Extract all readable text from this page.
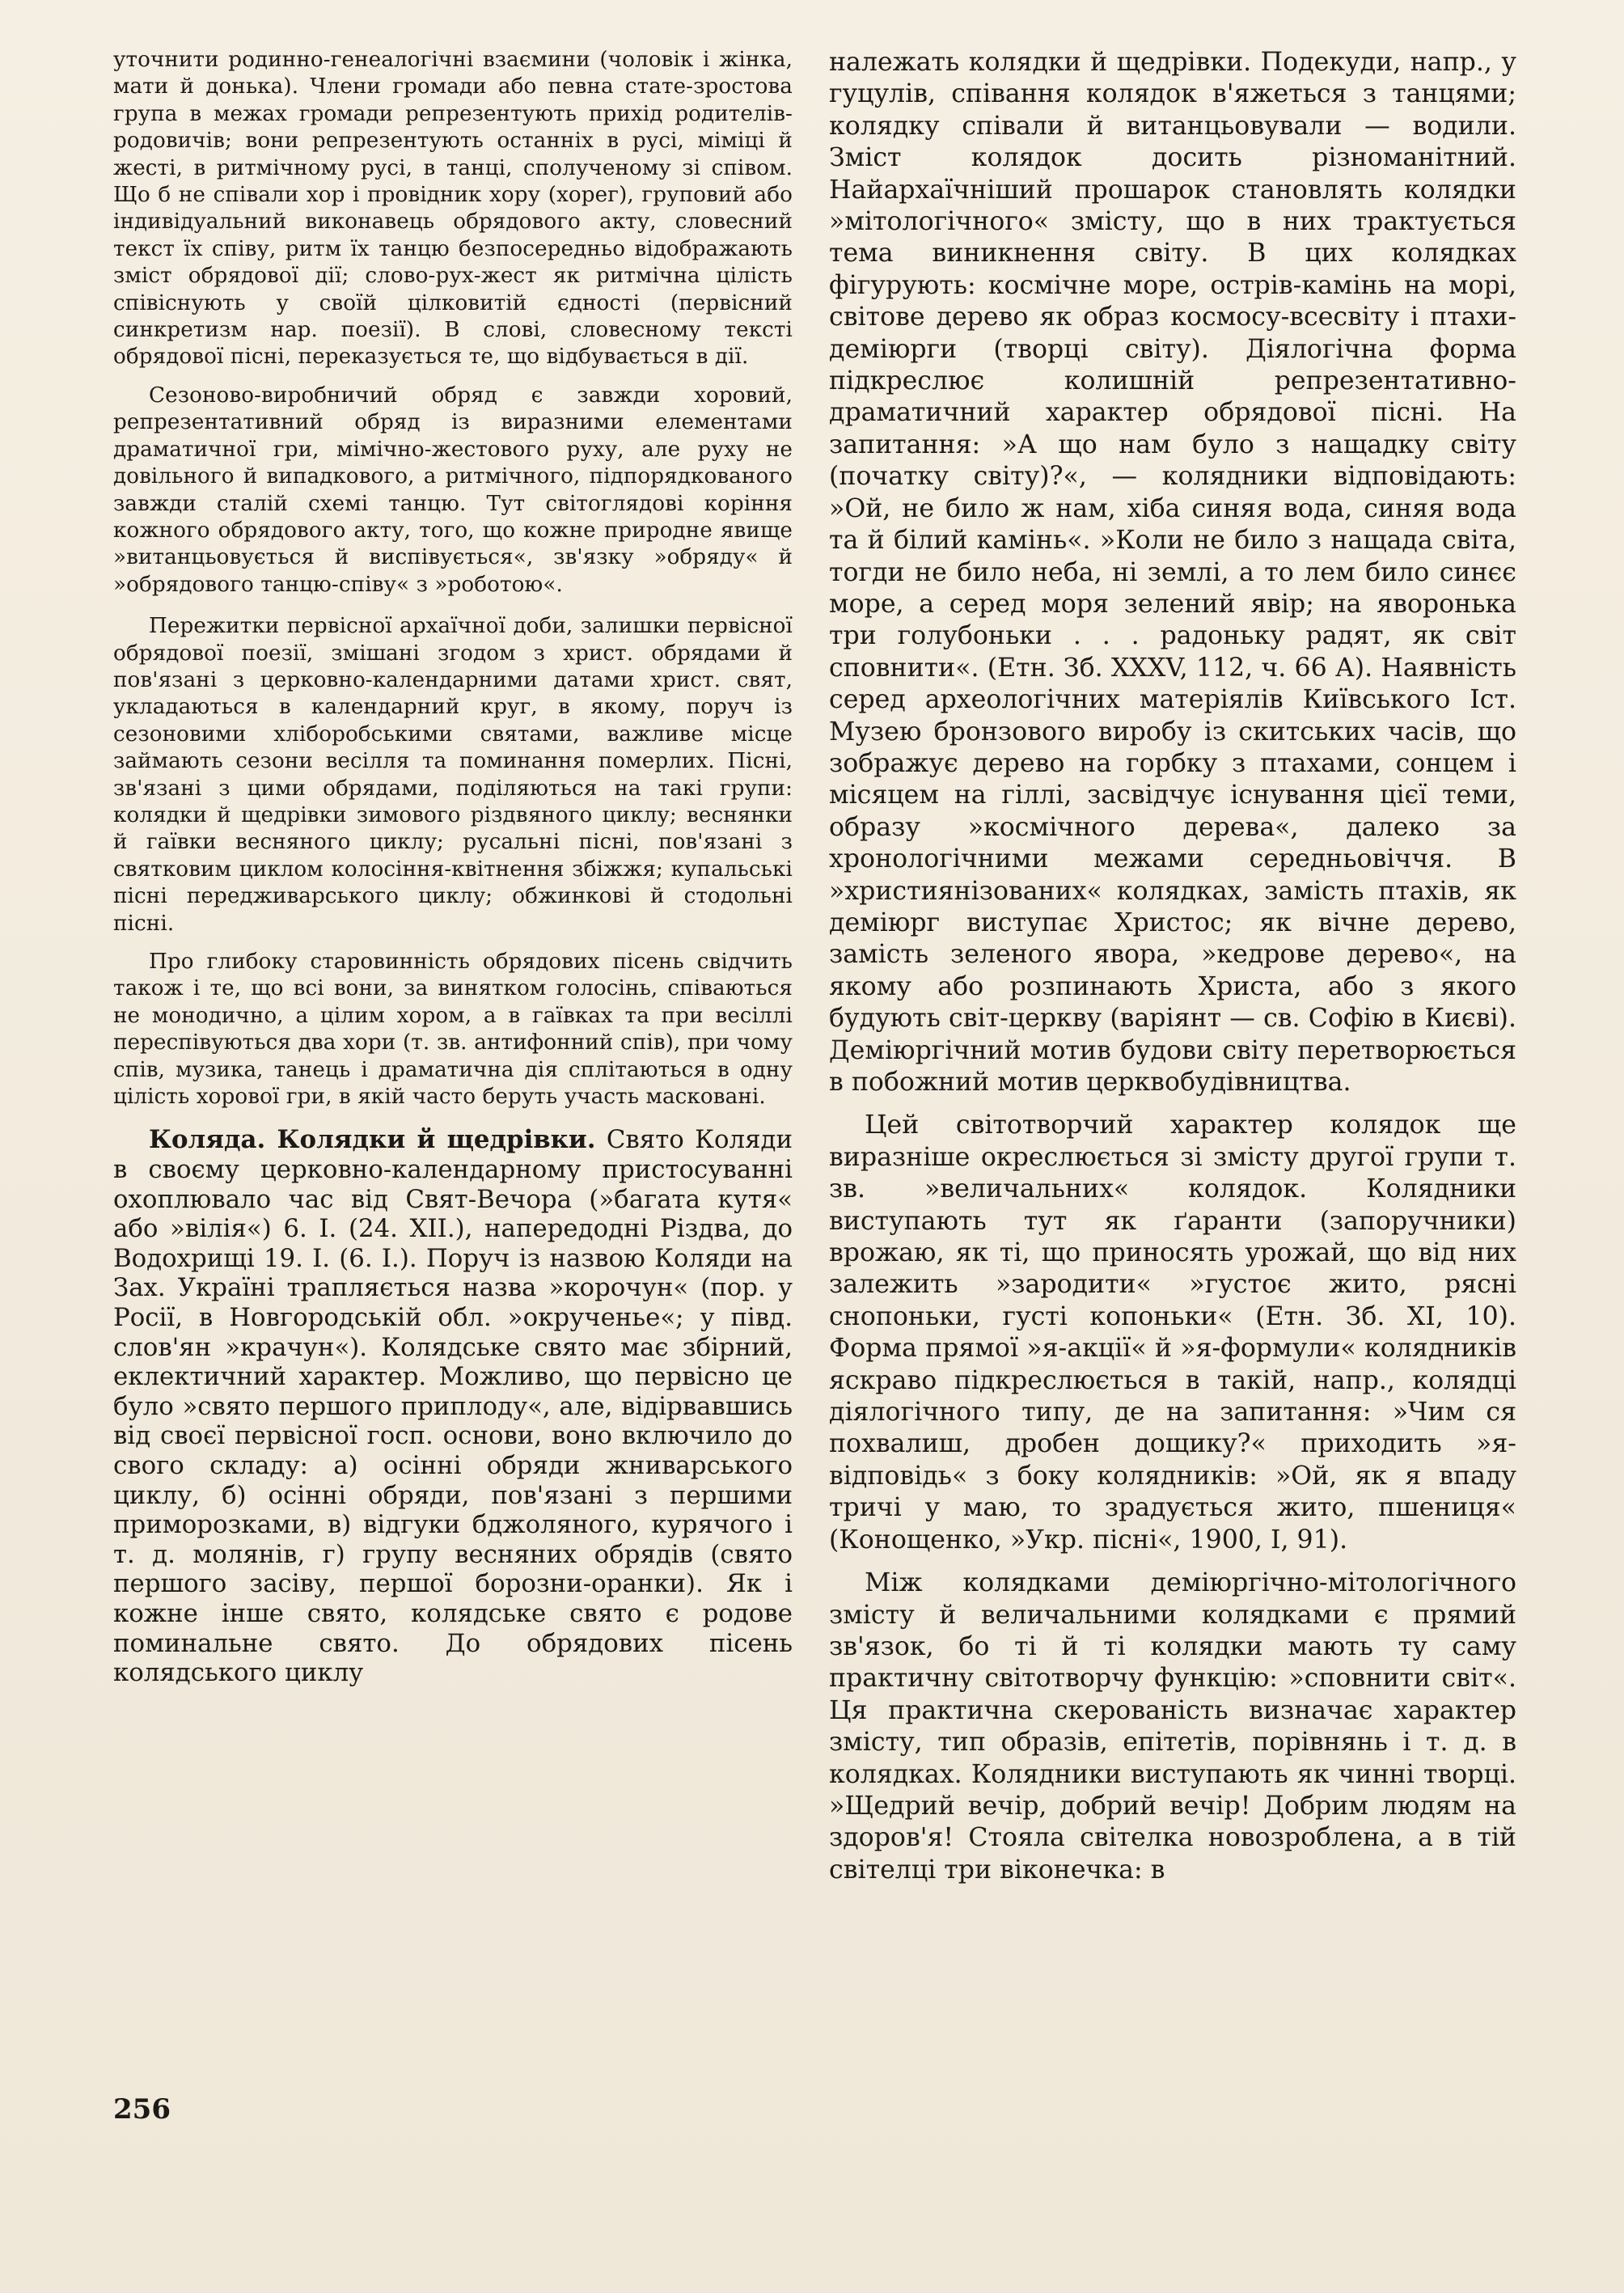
уточнити родинно-генеалогічні взаємини (чоловік і жінка, мати й донька). Члени громади або певна стате-зростова група в межах громади репрезентують прихід родителів-родовичів; вони репрезентують останніх в русі, міміці й жесті, в ритмічному русі, в танці, сполученому зі співом. Що б не співали хор і провідник хору (хорег), груповий або індивідуальний виконавець обрядового акту, словесний текст їх співу, ритм їх танцю безпосередньо відображають зміст обрядової дії; слово-рух-жест як ритмічна цілість співіснують у своїй цілковитій єдності (первісний синкретизм нар. поезії). В слові, словесному тексті обрядової пісні, переказується те, що відбувається в дії.

Сезоново-виробничий обряд є завжди хоровий, репрезентативний обряд із виразними елементами драматичної гри, мімічно-жестового руху, але руху не довільного й випадкового, а ритмічного, підпорядкованого завжди сталій схемі танцю. Тут світоглядові коріння кожного обрядового акту, того, що кожне природне явище »витанцьовується й виспівується«, зв'язку »обряду« й »обрядового танцю-співу« з »роботою«.

Пережитки первісної архаїчної доби, залишки первісної обрядової поезії, змішані згодом з христ. обрядами й пов'язані з церковно-календарними датами христ. свят, укладаються в календарний круг, в якому, поруч із сезоновими хліборобськими святами, важливе місце займають сезони весілля та поминання померлих. Пісні, зв'язані з цими обрядами, поділяються на такі групи: колядки й щедрівки зимового різдвяного циклу; веснянки й гаївки весняного циклу; русальні пісні, пов'язані з святковим циклом колосіння-квітнення збіжжя; купальські пісні передживарського циклу; обжинкові й стодольні пісні.

Про глибоку старовинність обрядових пісень свідчить також і те, що всі вони, за винятком голосінь, співаються не монодично, а цілим хором, а в гаївках та при весіллі переспівуються два хори (т. зв. антифонний спів), при чому спів, музика, танець і драматична дія сплітаються в одну цілість хорової гри, в якій часто беруть участь масковані.

Коляда. Колядки й щедрівки. Свято Коляди в своєму церковно-календарному пристосуванні охоплювало час від Свят-Вечора (»багата кутя« або »вілія«) 6. І. (24. XII.), напередодні Різдва, до Водохрищі 19. І. (6. І.). Поруч із назвою Коляди на Зах. Україні трапляється назва »корочун« (пор. у Росії, в Новгородській обл. »окрученье«; у півд. слов'ян »крачун«). Колядське свято має збірний, еклектичний характер. Можливо, що первісно це було »свято першого приплоду«, але, відірвавшись від своєї первісної госп. основи, воно включило до свого складу: а) осінні обряди жниварського циклу, б) осінні обряди, пов'язані з першими приморозками, в) відгуки бджоляного, курячого і т. д. молянів, г) групу весняних обрядів (свято першого засіву, першої борозни-оранки). Як і кожне інше свято, колядське свято є родове поминальне свято. До обрядових пісень колядського циклу

належать колядки й щедрівки. Подекуди, напр., у гуцулів, співання колядок в'яжеться з танцями; колядку співали й витанцьовували — водили. Зміст колядок досить різноманітний. Найархаїчніший прошарок становлять колядки »мітологічного« змісту, що в них трактується тема виникнення світу. В цих колядках фігурують: космічне море, острів-камінь на морі, світове дерево як образ космосу-всесвіту і птахи-деміюрги (творці світу). Діялогічна форма підкреслює колишній репрезентативно-драматичний характер обрядової пісні. На запитання: »А що нам було з нащадку світу (початку світу)?«, — колядники відповідають: »Ой, не било ж нам, хіба синяя вода, синяя вода та й білий камінь«. »Коли не било з нащада світа, тогди не било неба, ні землі, а то лем било синєє море, а серед моря зелений явір; на яворонька три голубоньки . . . радоньку радят, як світ сповнити«. (Етн. Зб. XXXV, 112, ч. 66 А). Наявність серед археологічних матеріялів Київського Іст. Музею бронзового виробу із скитських часів, що зображує дерево на горбку з птахами, сонцем і місяцем на гіллі, засвідчує існування цієї теми, образу »космічного дерева«, далеко за хронологічними межами середньовіччя. В »християнізованих« колядках, замість птахів, як деміюрг виступає Христос; як вічне дерево, замість зеленого явора, »кедрове дерево«, на якому або розпинають Христа, або з якого будують світ-церкву (варіянт — св. Софію в Києві). Деміюргічний мотив будови світу перетворюється в побожний мотив церквобудівництва.

Цей світотворчий характер колядок ще виразніше окреслюється зі змісту другої групи т. зв. »величальних« колядок. Колядники виступають тут як ґаранти (запоручники) врожаю, як ті, що приносять урожай, що від них залежить »зародити« »густоє жито, рясні снопоньки, густі копоньки« (Етн. Зб. XI, 10). Форма прямої »я-акції« й »я-формули« колядників яскраво підкреслюється в такій, напр., колядці діялогічного типу, де на запитання: »Чим ся похвалиш, дробен дощику?« приходить »я-відповідь« з боку колядників: »Ой, як я впаду тричі у маю, то зрадується жито, пшениця« (Конощенко, »Укр. пісні«, 1900, І, 91).

Між колядками деміюргічно-мітологічного змісту й величальними колядками є прямий зв'язок, бо ті й ті колядки мають ту саму практичну світотворчу функцію: »сповнити світ«. Ця практична скерованість визначає характер змісту, тип образів, епітетів, порівнянь і т. д. в колядках. Колядники виступають як чинні творці. »Щедрий вечір, добрий вечір! Добрим людям на здоров'я! Стояла світелка новозроблена, а в тій світелці три віконечка: в

256
